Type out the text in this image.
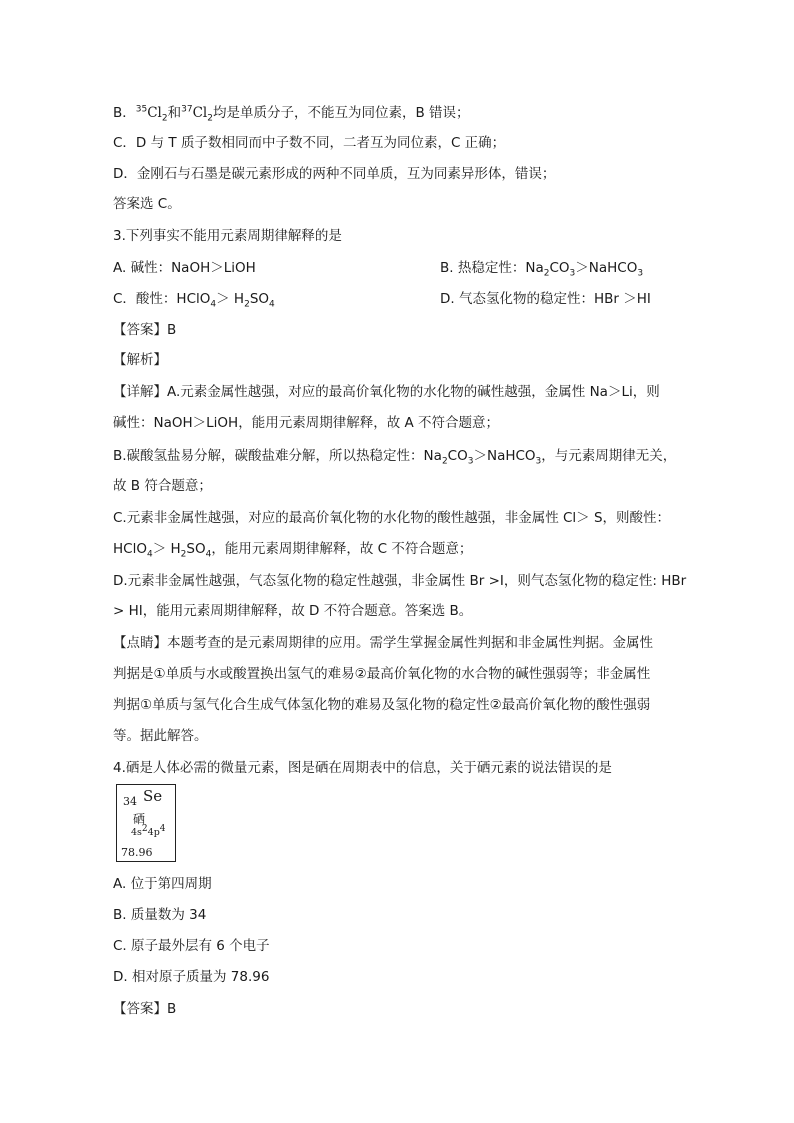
B．$^{35}Cl_2$和$^{37}Cl_2$均是单质分子，不能互为同位素，B 错误；
C．D 与 T 质子数相同而中子数不同，二者互为同位素，C 正确；
D．金刚石与石墨是碳元素形成的两种不同单质，互为同素异形体，错误；
答案选 C。
3.下列事实不能用元素周期律解释的是
A. 碱性：NaOH＞LiOH	B. 热稳定性：$Na_2CO_3>NaHCO_3$
C．酸性：HClO$_4$＞ $H_2SO_4$	D. 气态氢化物的稳定性：HBr ＞HI
【答案】B
【解析】
【详解】A.元素金属性越强，对应的最高价氧化物的水化物的碱性越强，金属性 Na＞Li，则
碱性：NaOH＞LiOH，能用元素周期律解释，故 A 不符合题意；
B.碳酸氢盐易分解，碳酸盐难分解，所以热稳定性：$Na_2CO_3>NaHCO_3$，与元素周期律无关，
故 B 符合题意；
C.元素非金属性越强，对应的最高价氧化物的水化物的酸性越强，非金属性 Cl＞ S，则酸性：
HClO$_4$＞ $H_2SO_4$，能用元素周期律解释，故 C 不符合题意；
D.元素非金属性越强，气态氢化物的稳定性越强，非金属性 Br >I，则气态氢化物的稳定性: HBr
> HI，能用元素周期律解释，故 D 不符合题意。答案选 B。
【点睛】本题考查的是元素周期律的应用。需学生掌握金属性判据和非金属性判据。金属性
判据是①单质与水或酸置换出氢气的难易②最高价氧化物的水合物的碱性强弱等；非金属性
判据①单质与氢气化合生成气体氢化物的难易及氢化物的稳定性②最高价氧化物的酸性强弱
等。据此解答。
4.硒是人体必需的微量元素，图是硒在周期表中的信息，关于硒元素的说法错误的是
34 Se
硒
$4s^24p^4$
78.96
A. 位于第四周期
B. 质量数为 34
C. 原子最外层有 6 个电子
D. 相对原子质量为 78.96
【答案】B
